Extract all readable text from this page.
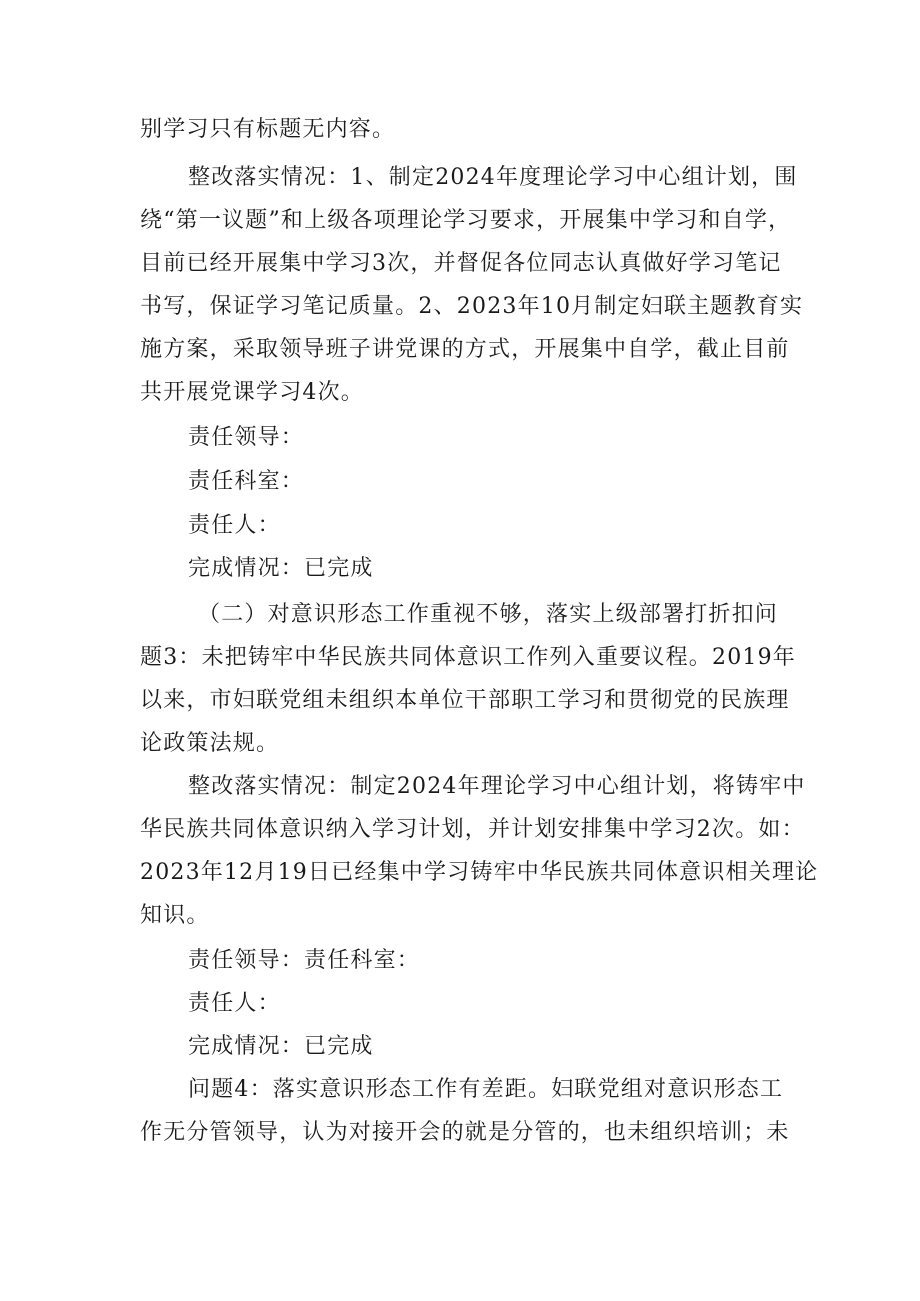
别学习只有标题无内容。
整改落实情况：1、制定2024年度理论学习中心组计划，围
绕“第一议题”和上级各项理论学习要求，开展集中学习和自学，
目前已经开展集中学习3次，并督促各位同志认真做好学习笔记
书写，保证学习笔记质量。2、2023年10月制定妇联主题教育实
施方案，采取领导班子讲党课的方式，开展集中自学，截止目前
共开展党课学习4次。
责任领导：
责任科室：
责任人：
完成情况：已完成
（二）对意识形态工作重视不够，落实上级部署打折扣问
题3：未把铸牢中华民族共同体意识工作列入重要议程。2019年
以来，市妇联党组未组织本单位干部职工学习和贯彻党的民族理
论政策法规。
整改落实情况：制定2024年理论学习中心组计划，将铸牢中
华民族共同体意识纳入学习计划，并计划安排集中学习2次。如：
2023年12月19日已经集中学习铸牢中华民族共同体意识相关理论
知识。
责任领导：责任科室：
责任人：
完成情况：已完成
问题4：落实意识形态工作有差距。妇联党组对意识形态工
作无分管领导，认为对接开会的就是分管的，也未组织培训；未
